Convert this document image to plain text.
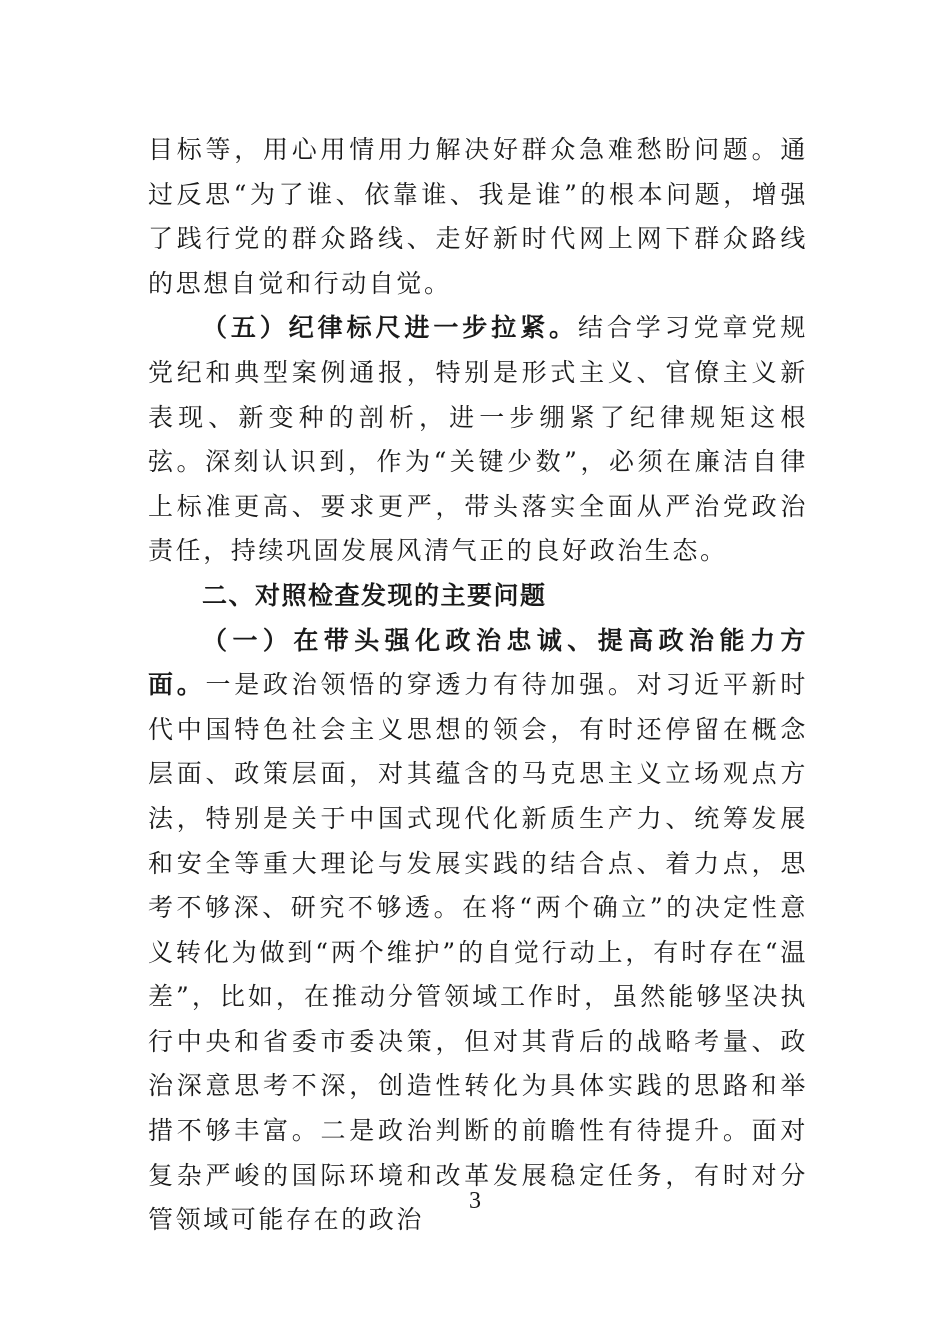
目标等，用心用情用力解决好群众急难愁盼问题。通过反思“为了谁、依靠谁、我是谁”的根本问题，增强了践行党的群众路线、走好新时代网上网下群众路线的思想自觉和行动自觉。

（五）纪律标尺进一步拉紧。结合学习党章党规党纪和典型案例通报，特别是形式主义、官僚主义新表现、新变种的剖析，进一步绷紧了纪律规矩这根弦。深刻认识到，作为“关键少数”，必须在廉洁自律上标准更高、要求更严，带头落实全面从严治党政治责任，持续巩固发展风清气正的良好政治生态。

二、对照检查发现的主要问题

（一）在带头强化政治忠诚、提高政治能力方面。一是政治领悟的穿透力有待加强。对习近平新时代中国特色社会主义思想的领会，有时还停留在概念层面、政策层面，对其蕴含的马克思主义立场观点方法，特别是关于中国式现代化新质生产力、统筹发展和安全等重大理论与发展实践的结合点、着力点，思考不够深、研究不够透。在将“两个确立”的决定性意义转化为做到“两个维护”的自觉行动上，有时存在“温差”，比如，在推动分管领域工作时，虽然能够坚决执行中央和省委市委决策，但对其背后的战略考量、政治深意思考不深，创造性转化为具体实践的思路和举措不够丰富。二是政治判断的前瞻性有待提升。面对复杂严峻的国际环境和改革发展稳定任务，有时对分管领域可能存在的政治

3
